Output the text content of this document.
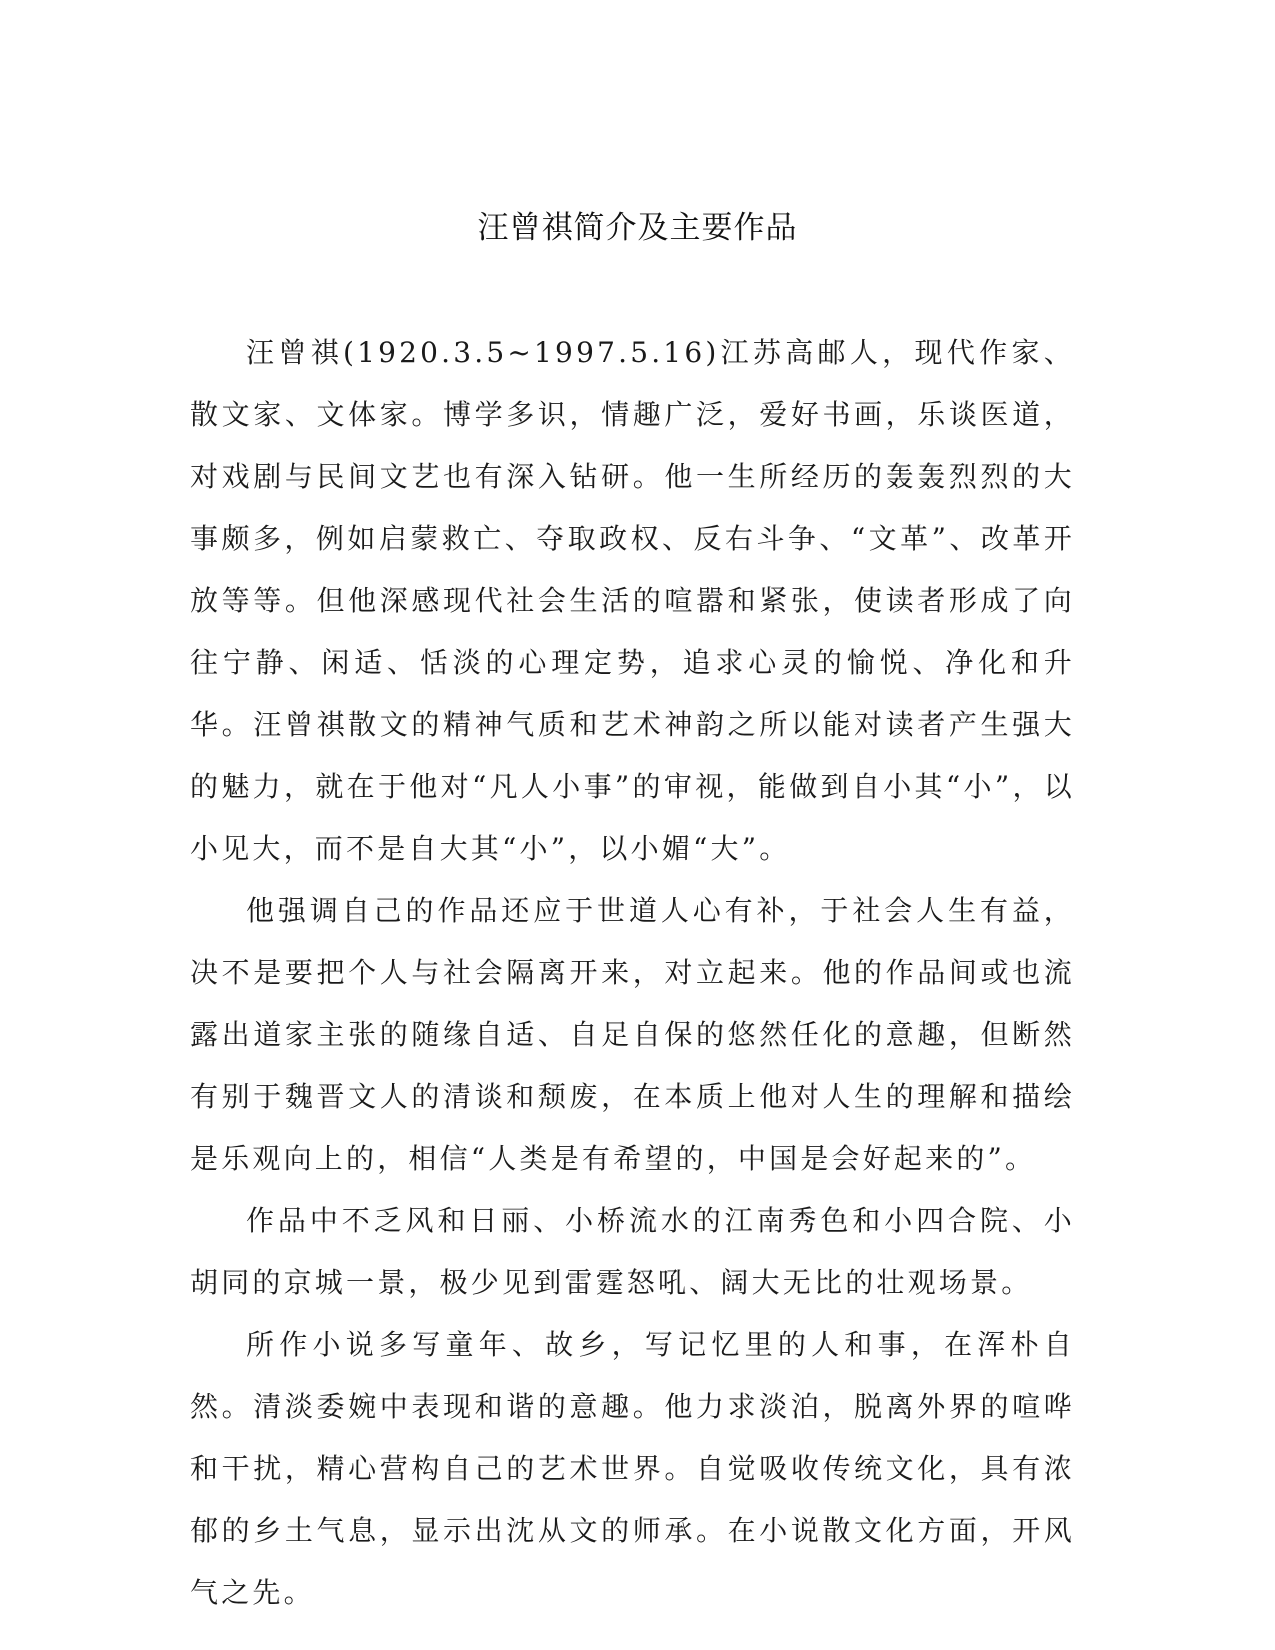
汪曾祺简介及主要作品

汪曾祺(1920.3.5~1997.5.16)江苏高邮人，现代作家、散文家、文体家。博学多识，情趣广泛，爱好书画，乐谈医道，对戏剧与民间文艺也有深入钻研。他一生所经历的轰轰烈烈的大事颇多，例如启蒙救亡、夺取政权、反右斗争、“文革”、改革开放等等。但他深感现代社会生活的喧嚣和紧张，使读者形成了向往宁静、闲适、恬淡的心理定势，追求心灵的愉悦、净化和升华。汪曾祺散文的精神气质和艺术神韵之所以能对读者产生强大的魅力，就在于他对“凡人小事”的审视，能做到自小其“小”，以小见大，而不是自大其“小”，以小媚“大”。

他强调自己的作品还应于世道人心有补，于社会人生有益，决不是要把个人与社会隔离开来，对立起来。他的作品间或也流露出道家主张的随缘自适、自足自保的悠然任化的意趣，但断然有别于魏晋文人的清谈和颓废，在本质上他对人生的理解和描绘是乐观向上的，相信“人类是有希望的，中国是会好起来的”。

作品中不乏风和日丽、小桥流水的江南秀色和小四合院、小胡同的京城一景，极少见到雷霆怒吼、阔大无比的壮观场景。

所作小说多写童年、故乡，写记忆里的人和事，在浑朴自然。清淡委婉中表现和谐的意趣。他力求淡泊，脱离外界的喧哗和干扰，精心营构自己的艺术世界。自觉吸收传统文化，具有浓郁的乡土气息，显示出沈从文的师承。在小说散文化方面，开风气之先。
